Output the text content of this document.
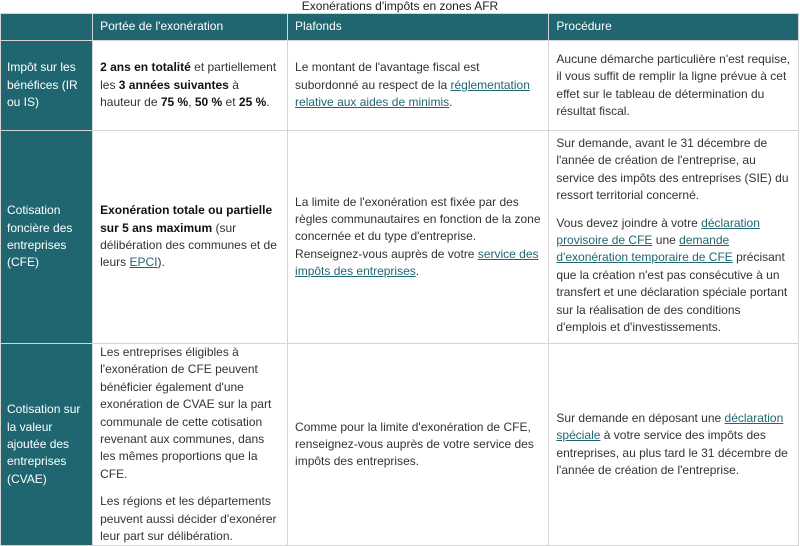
Exonérations d'impôts en zones AFR
	Portée de l'exonération	Plafonds	Procédure
Impôt sur les bénéfices (IR ou IS)	2 ans en totalité et partiellement les 3 années suivantes à hauteur de 75 %, 50 % et 25 %.	Le montant de l'avantage fiscal est subordonné au respect de la réglementation relative aux aides de minimis.	Aucune démarche particulière n'est requise, il vous suffit de remplir la ligne prévue à cet effet sur le tableau de détermination du résultat fiscal.
Cotisation foncière des entreprises (CFE)	Exonération totale ou partielle sur 5 ans maximum (sur délibération des communes et de leurs EPCI).	La limite de l'exonération est fixée par des règles communautaires en fonction de la zone concernée et du type d'entreprise. Renseignez-vous auprès de votre service des impôts des entreprises.	Sur demande, avant le 31 décembre de l'année de création de l'entreprise, au service des impôts des entreprises (SIE) du ressort territorial concerné.

Vous devez joindre à votre déclaration provisoire de CFE une demande d'exonération temporaire de CFE précisant que la création n'est pas consécutive à un transfert et une déclaration spéciale portant sur la réalisation de des conditions d'emplois et d'investissements.

Cotisation sur la valeur ajoutée des entreprises (CVAE)	Les entreprises éligibles à l'exonération de CFE peuvent bénéficier également d'une exonération de CVAE sur la part communale de cette cotisation revenant aux communes, dans les mêmes proportions que la CFE.

Les régions et les départements peuvent aussi décider d'exonérer leur part sur délibération.	Comme pour la limite d'exonération de CFE, renseignez-vous auprès de votre service des impôts des entreprises.	Sur demande en déposant une déclaration spéciale à votre service des impôts des entreprises, au plus tard le 31 décembre de l'année de création de l'entreprise.
